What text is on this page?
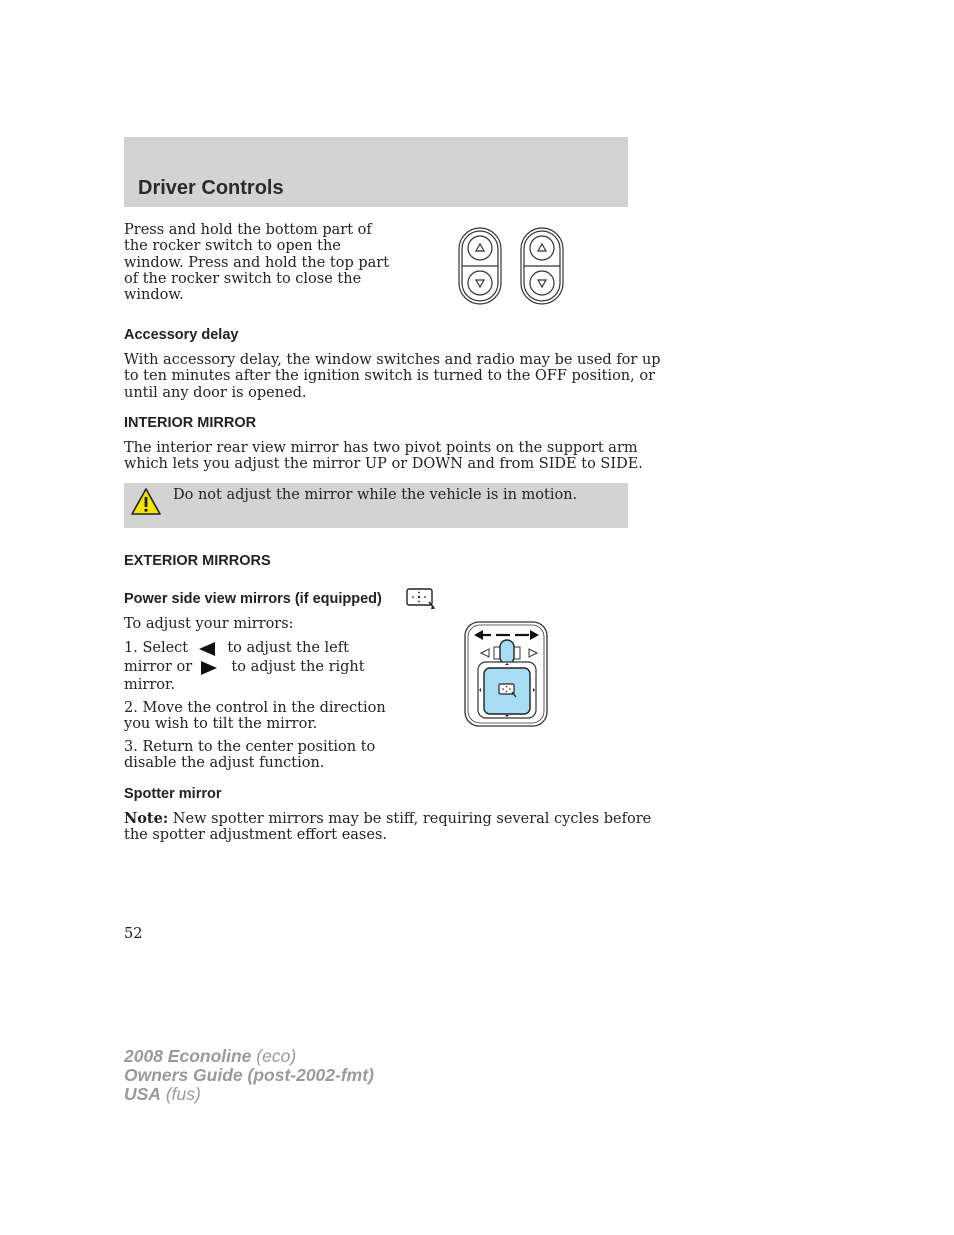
Driver Controls
Press and hold the bottom part of
the rocker switch to open the
window. Press and hold the top part
of the rocker switch to close the
window.
Accessory delay
With accessory delay, the window switches and radio may be used for up
to ten minutes after the ignition switch is turned to the OFF position, or
until any door is opened.
INTERIOR MIRROR
The interior rear view mirror has two pivot points on the support arm
which lets you adjust the mirror UP or DOWN and from SIDE to SIDE.
Do not adjust the mirror while the vehicle is in motion.
EXTERIOR MIRRORS
Power side view mirrors (if equipped)
To adjust your mirrors:
1. Select	to adjust the left
mirror or	to adjust the right
mirror.
2. Move the control in the direction
you wish to tilt the mirror.
3. Return to the center position to
disable the adjust function.
Spotter mirror
Note: New spotter mirrors may be stiff, requiring several cycles before
the spotter adjustment effort eases.
52
2008 Econoline (eco)
Owners Guide (post-2002-fmt)
USA (fus)
